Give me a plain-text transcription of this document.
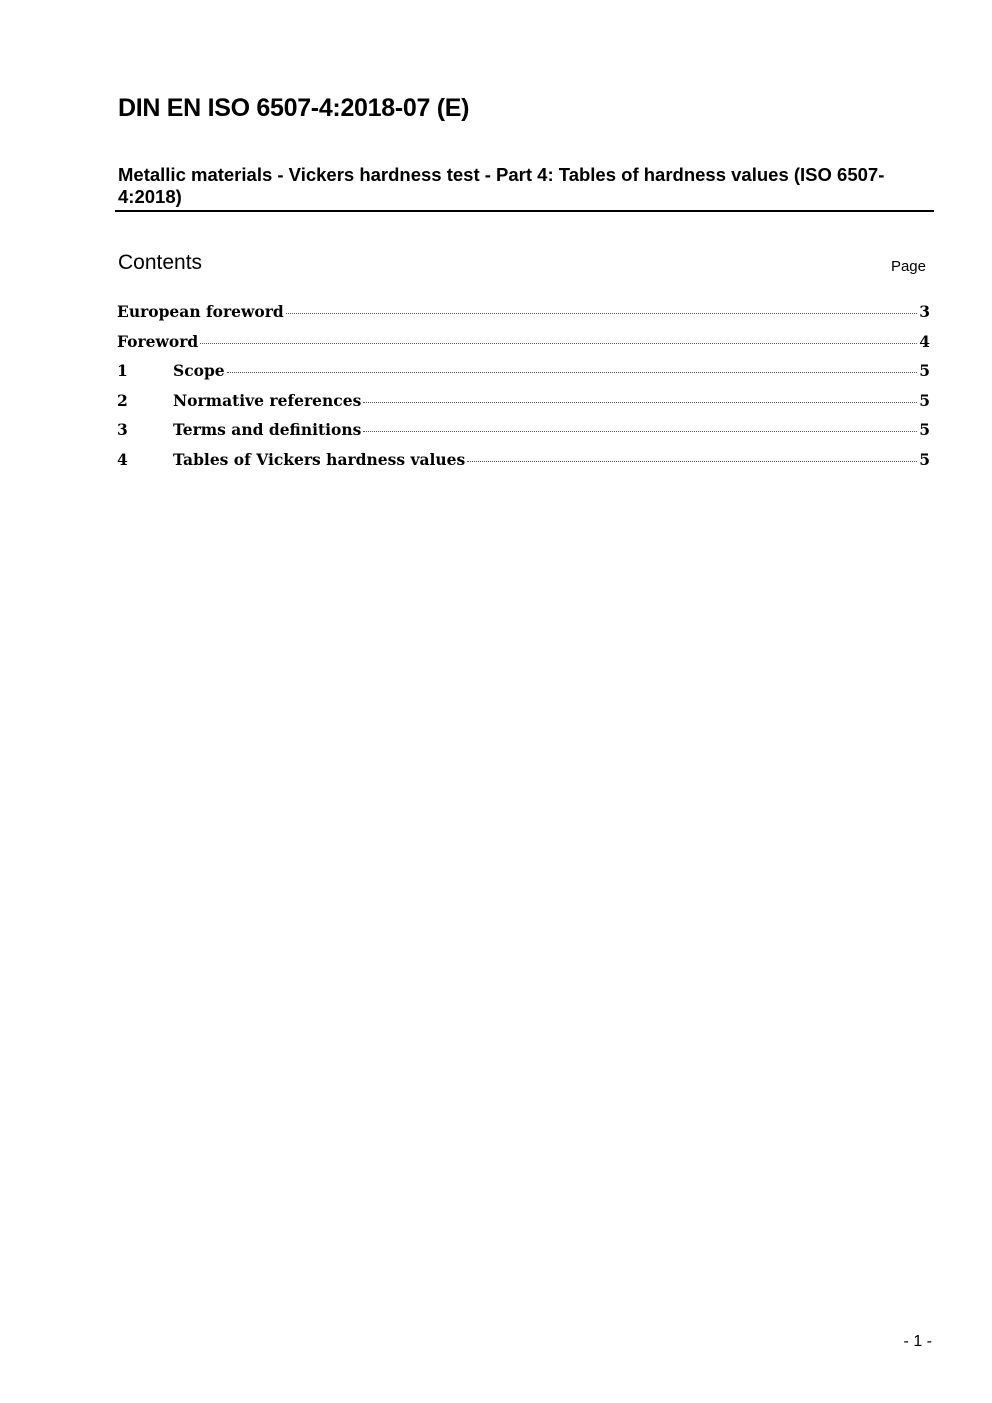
DIN EN ISO 6507-4:2018-07 (E)
Metallic materials - Vickers hardness test - Part 4: Tables of hardness values (ISO 6507-4:2018)
Contents	Page
European foreword	3
Foreword	4
1	Scope	5
2	Normative references	5
3	Terms and definitions	5
4	Tables of Vickers hardness values	5
- 1 -
